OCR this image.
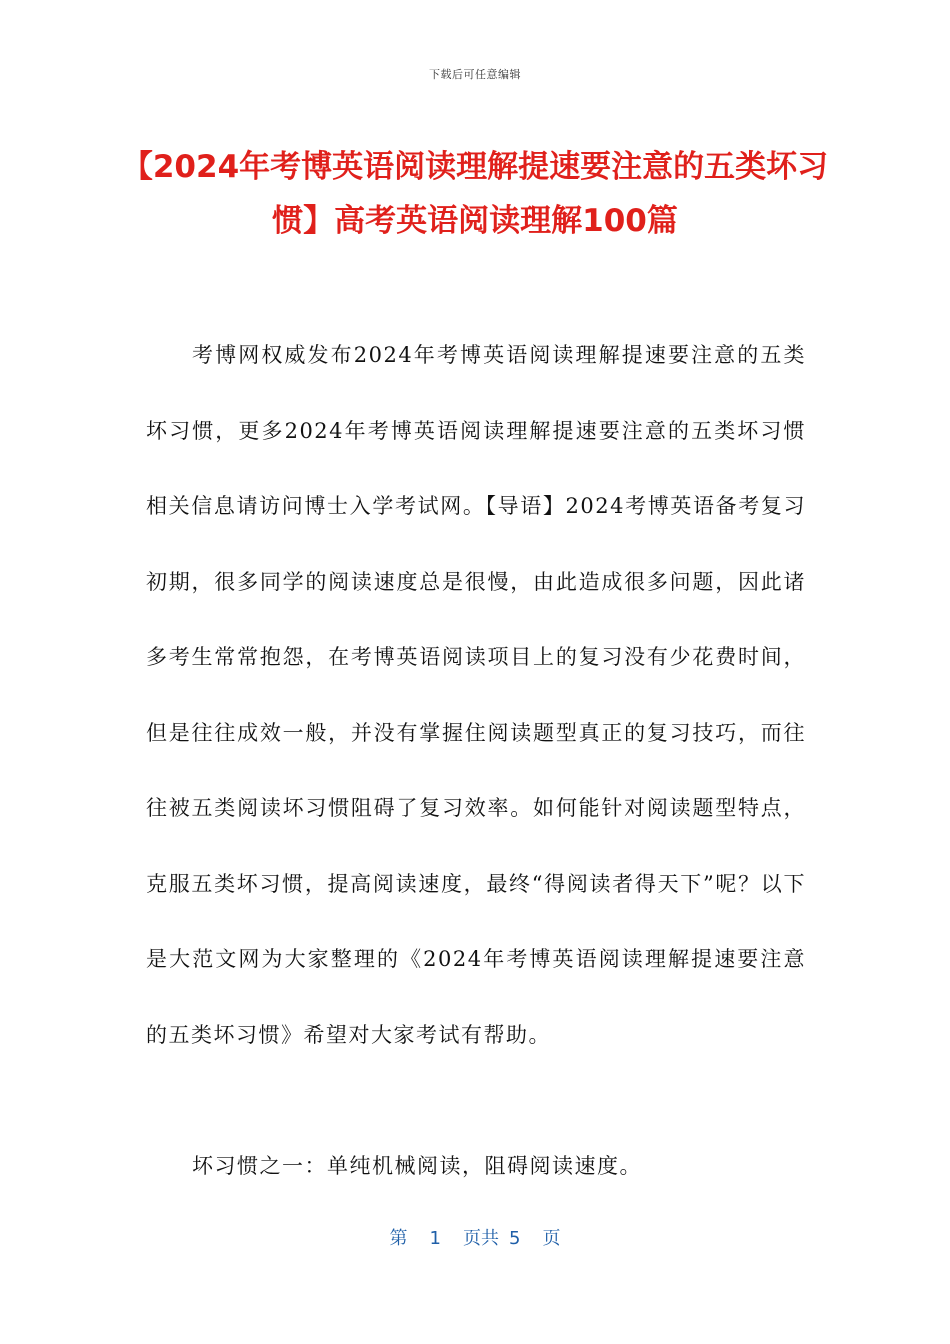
下载后可任意编辑
【2024年考博英语阅读理解提速要注意的五类坏习惯】高考英语阅读理解100篇

考博网权威发布2024年考博英语阅读理解提速要注意的五类坏习惯，更多2024年考博英语阅读理解提速要注意的五类坏习惯相关信息请访问博士入学考试网。【导语】2024考博英语备考复习初期，很多同学的阅读速度总是很慢，由此造成很多问题，因此诸多考生常常抱怨，在考博英语阅读项目上的复习没有少花费时间，但是往往成效一般，并没有掌握住阅读题型真正的复习技巧，而往往被五类阅读坏习惯阻碍了复习效率。如何能针对阅读题型特点，克服五类坏习惯，提高阅读速度，最终“得阅读者得天下”呢？以下是大范文网为大家整理的《2024年考博英语阅读理解提速要注意的五类坏习惯》希望对大家考试有帮助。

坏习惯之一：单纯机械阅读，阻碍阅读速度。

第 1 页共 5 页
